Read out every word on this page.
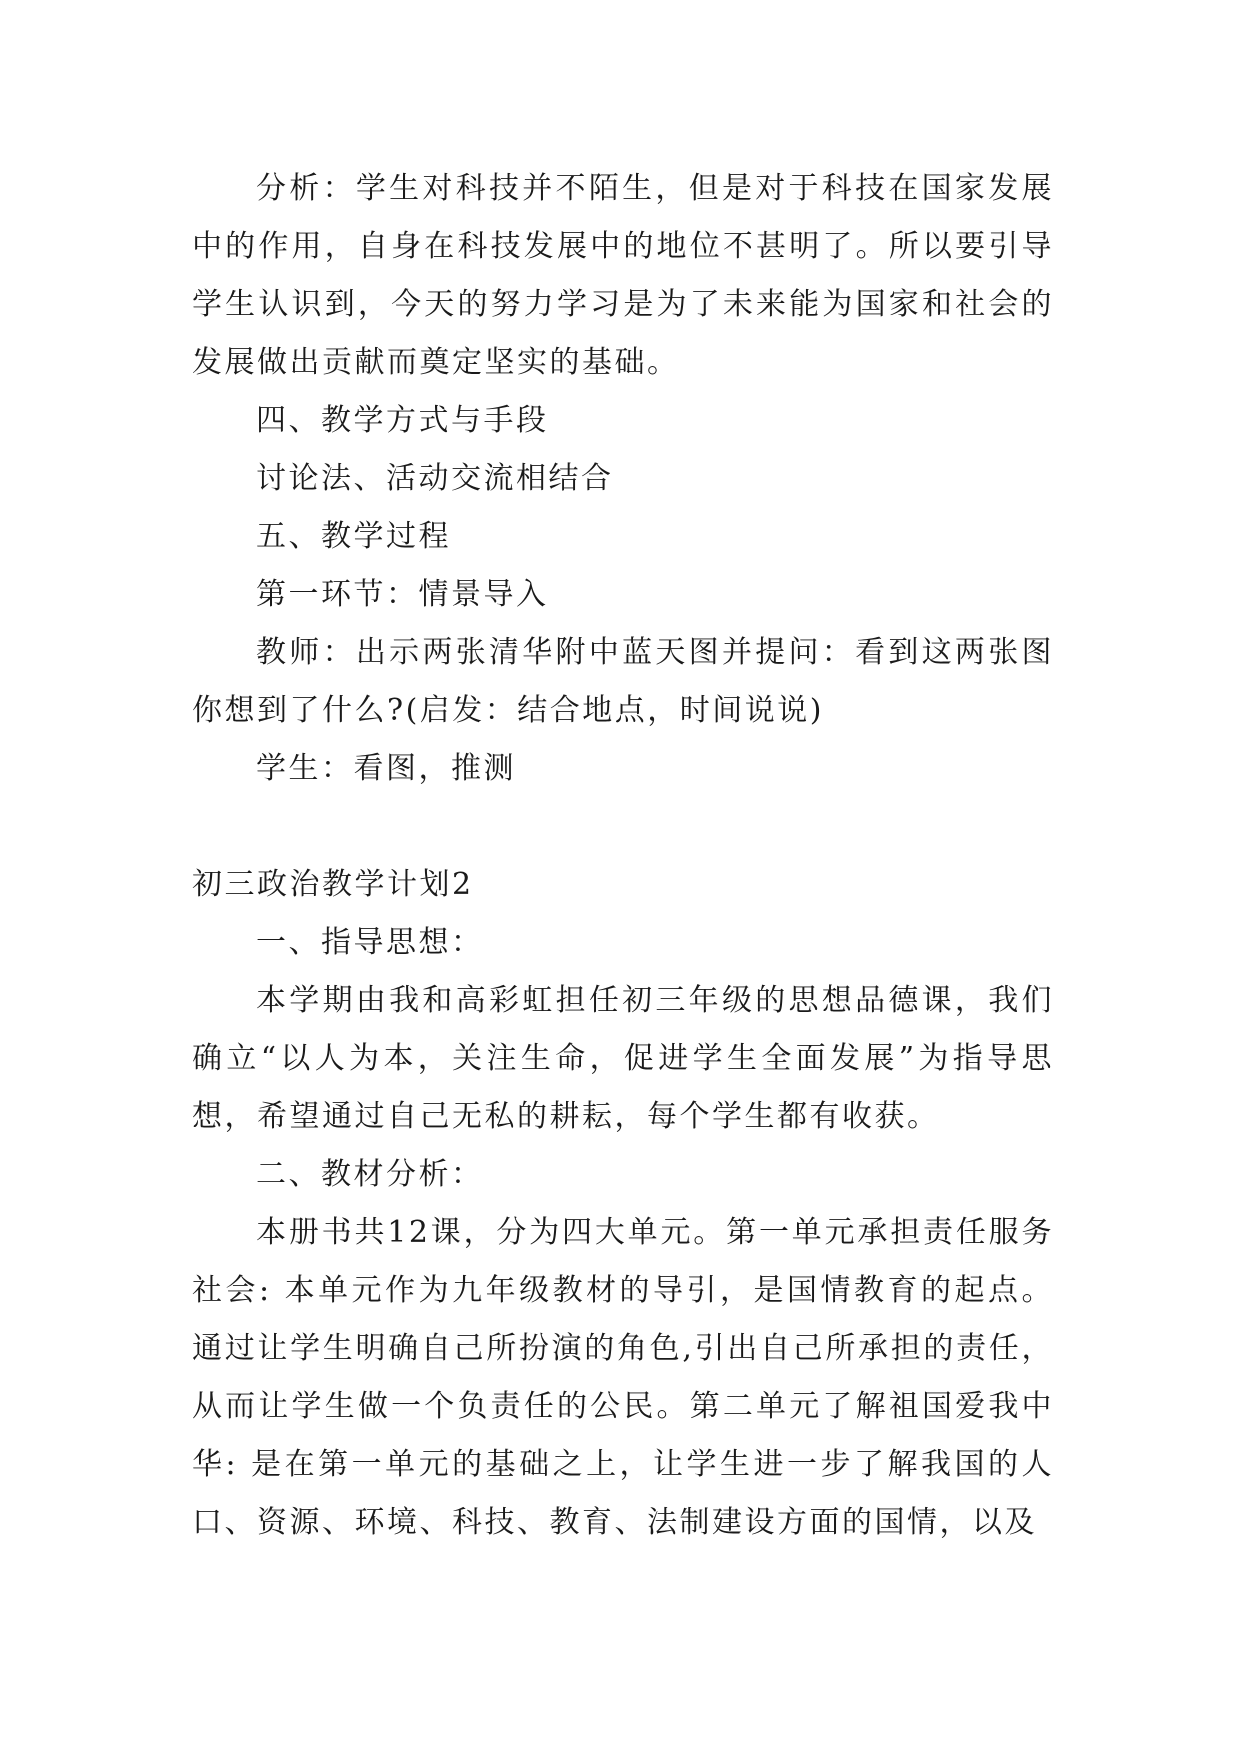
分析：学生对科技并不陌生，但是对于科技在国家发展中的作用，自身在科技发展中的地位不甚明了。所以要引导学生认识到，今天的努力学习是为了未来能为国家和社会的发展做出贡献而奠定坚实的基础。

四、教学方式与手段

讨论法、活动交流相结合

五、教学过程

第一环节：情景导入

教师：出示两张清华附中蓝天图并提问：看到这两张图你想到了什么?(启发：结合地点，时间说说)

学生：看图，推测

初三政治教学计划2

一、指导思想：

本学期由我和高彩虹担任初三年级的思想品德课，我们确立“以人为本，关注生命，促进学生全面发展”为指导思想，希望通过自己无私的耕耘，每个学生都有收获。

二、教材分析：

本册书共12课，分为四大单元。第一单元承担责任服务社会: 本单元作为九年级教材的导引，是国情教育的起点。通过让学生明确自己所扮演的角色,引出自己所承担的责任，从而让学生做一个负责任的公民。第二单元了解祖国爱我中华: 是在第一单元的基础之上，让学生进一步了解我国的人口、资源、环境、科技、教育、法制建设方面的国情，以及
